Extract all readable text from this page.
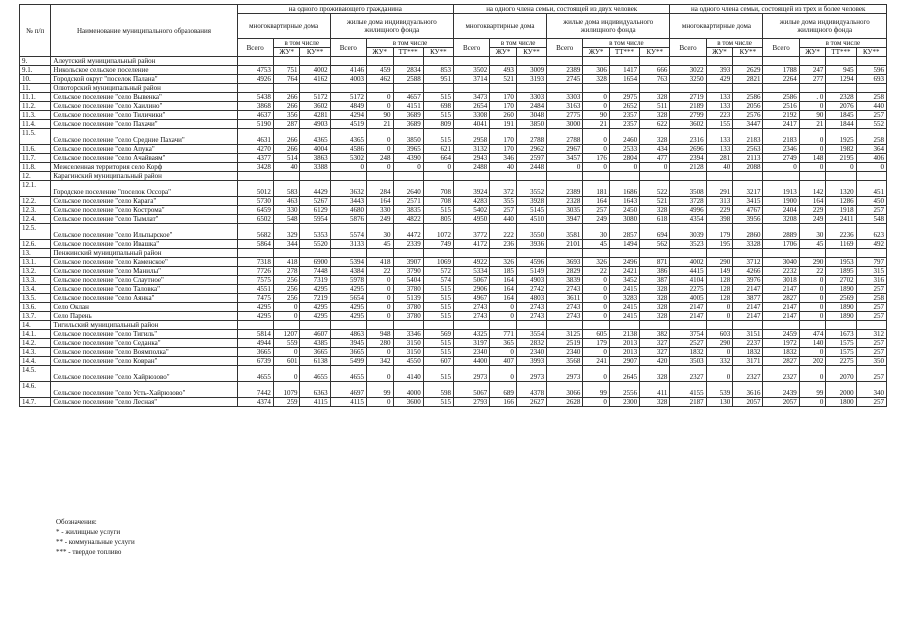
№ п/п	Наименование муниципального образования	на одного проживающего гражданина							на одного члена семьи, состоящей из двух человек							на одного члена семьи, состоящей из трех и более человек						
		многоквартирные дома			жилые дома индивидуального жилищного фонда				многоквартирные дома			жилые дома индивидуального жилищного фонда				многоквартирные дома			жилые дома индивидуального жилищного фонда			
		Всего	в том числе		Всего	в том числе			Всего	в том числе		Всего	в том числе			Всего	в том числе		Всего	в том числе		
			ЖУ*	КУ**		ЖУ*	ТТ***	КУ**		ЖУ*	КУ**		ЖУ*	ТТ***	КУ**		ЖУ*	КУ**		ЖУ*	ТТ***	КУ**
9.	Алеутский муниципальный район																					
9.1.	Никольское сельское поселение	4753	751	4002	4146	459	2834	853	3502	493	3009	2389	306	1417	666	3022	393	2629	1788	247	945	596
10.	Городской округ "поселок Палана"	4926	764	4162	4003	462	2588	951	3714	521	3193	2745	328	1654	763	3250	429	2821	2264	277	1294	693
11.	Олюторский муниципальный район																					
11.1.	Сельское поселение "село Вывенка"	5438	266	5172	5172	0	4657	515	3473	170	3303	3303	0	2975	328	2719	133	2586	2586	. 0	2328	258
11.2.	Сельское поселение "село Хаилино"	3868	266	3602	4849	0	4151	698	2654	170	2484	3163	0	2652	511	2189	133	2056	2516	0	2076	440
11.3.	Сельское поселение "село Тиличики"	4637	356	4281	4294	90	3689	515	3308	260	3048	2775	90	2357	328	2799	223	2576	2192	90	1845	257
11.4.	Сельское поселение "село Пахачи"	5190	287	4903	4519	21	3689	809	4041	191	3850	3000	21	2357	622	3602	155	3447	2417	21	1844	552
11.5.	Сельское поселение "село Средние Пахачи"	4631	266	4365	4365	0	3850	515	2958	170	2788	2788	0	2460	328	2316	133	2183	2183	0	1925	258
11.6.	Сельское поселение "село Апука"	4270	266	4004	4586	0	3965	621	3132	170	2962	2967	0	2533	434	2696	133	2563	2346	0	1982	364
11.7.	Сельское поселение "село Ачайваям"	4377	514	3863	5302	248	4390	664	2943	346	2597	3457	176	2804	477	2394	281	2113	2749	148	2195	406
11.8.	Межселенная территория село Корф	3428	40	3388	0	0	0	0	2488	40	2448	0	0	0	0	2128	40	2088	0	0	0	0
12.	Карагинский муниципальный район																					
12.1.	Городское поселение "поселок Оссора"	5012	583	4429	3632	284	2640	708	3924	372	3552	2389	181	1686	522	3508	291	3217	1913	142	1320	451
12.2.	Сельское поселение "село Карага"	5730	463	5267	3443	164	2571	708	4283	355	3928	2328	164	1643	521	3728	313	3415	1900	164	1286	450
12.3.	Сельское поселение "село Кострома"	6459	330	6129	4680	330	3835	515	5402	257	5145	3035	257	2450	328	4996	229	4767	2404	229	1918	257
12.4.	Сельское поселение "село Тымлат"	6502	548	5954	5876	249	4822	805	4950	440	4510	3947	249	3080	618	4354	398	3956	3208	249	2411	548
12.5.	Сельское поселение "село Ильпырское"	5682	329	5353	5574	30	4472	1072	3772	222	3550	3581	30	2857	694	3039	179	2860	2889	30	2236	623
12.6.	Сельское поселение "село Ивашка"	5864	344	5520	3133	45	2339	749	4172	236	3936	2101	45	1494	562	3523	195	3328	1706	45	1169	492
13.	Пенжинский муниципальный район																					
13.1.	Сельское поселение "село Каменское"	7318	418	6900	5394	418	3907	1069	4922	326	4596	3693	326	2496	871	4002	290	3712	3040	290	1953	797
13.2.	Сельское поселение "село Манилы"	7726	278	7448	4384	22	3790	572	5334	185	5149	2829	22	2421	386	4415	149	4266	2232	22	1895	315
13.3.	Сельское поселение "село Слаутное"	7575	256	7319	5978	0	5404	574	5067	164	4903	3839	0	3452	387	4104	128	3976	3018	0	2702	316
13.4.	Сельское поселение "село Таловка"	4551	256	4295	4295	0	3780	515	2906	164	2742	2743	0	2415	328	2275	128	2147	2147	0	1890	257
13.5.	Сельское поселение "село Аянка"	7475	256	7219	5654	0	5139	515	4967	164	4803	3611	0	3283	328	4005	128	3877	2827	0	2569	258
13.6.	Село Оклан	4295	0	4295	4295	0	3780	515	2743	0	2743	2743	0	2415	328	2147	0	2147	2147	0	1890	257
13.7.	Село Парень	4295	0	4295	4295	0	3780	515	2743	0	2743	2743	0	2415	328	2147	0	2147	2147	0	1890	257
14.	Тигильский муниципальный район																					
14.1.	Сельское поселение "село Тигиль"	5814	1207	4607	4863	948	3346	569	4325	771	3554	3125	605	2138	382	3754	603	3151	2459	474	1673	312
14.2.	Сельское поселение "село Седанка"	4944	559	4385	3945	280	3150	515	3197	365	2832	2519	179	2013	327	2527	290	2237	1972	140	1575	257
14.3.	Сельское поселение "село Воямполка"	3665	0	3665	3665	0	3150	515	2340	0	2340	2340	0	2013	327	1832	0	1832	1832	0	1575	257
14.4.	Сельское поселение "село Ковран"	6739	601	6138	5499	342	4550	607	4400	407	3993	3568	241	2907	420	3503	332	3171	2827	202	2275	350
14.5.	Сельское поселение "село Хайрюзово"	4655	0	4655	4655	0	4140	515	2973	0	2973	2973	0	2645	328	2327	0	2327	2327	0	2070	257
14.6.	Сельское поселение "село Усть-Хайрюзово"	7442	1079	6363	4697	99	4000	598	5067	689	4378	3066	99	2556	411	4155	539	3616	2439	99	2000	340
14.7.	Сельское поселение "село Лесная"	4374	259	4115	4115	0	3600	515	2793	166	2627	2628	0	2300	328	2187	130	2057	2057	0	1800	257
Обозначения:
* - жилищные услуги
** - коммунальные услуги
*** - твердое топливо
